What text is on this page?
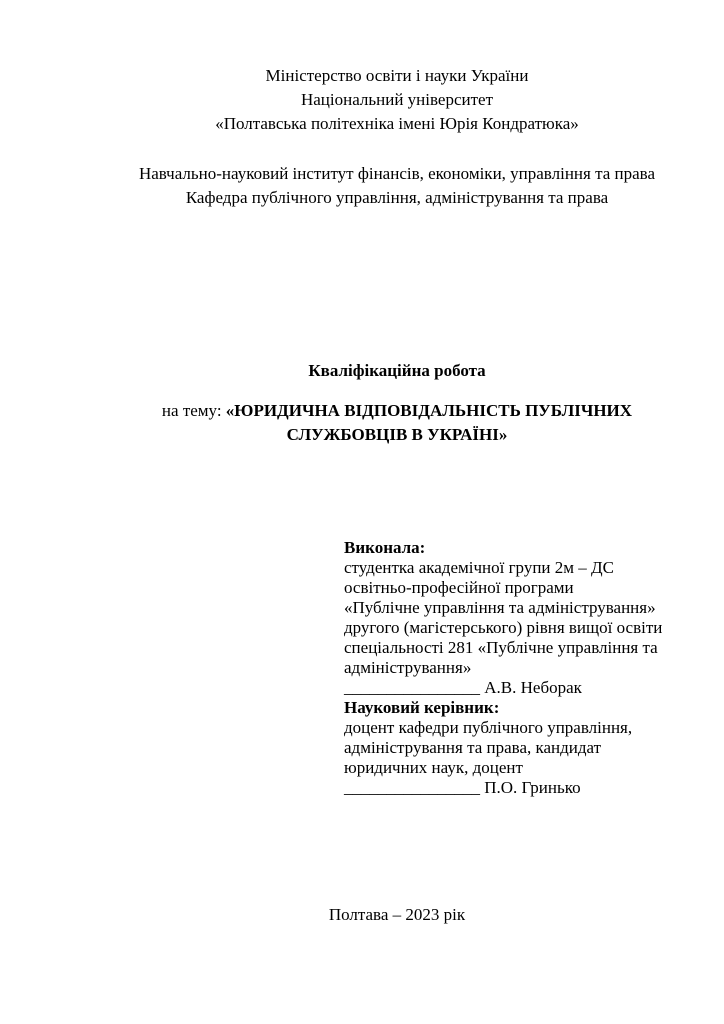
Міністерство освіти і науки України
Національний університет
«Полтавська політехніка імені Юрія Кондратюка»
Навчально-науковий інститут фінансів, економіки, управління та права
Кафедра публічного управління, адміністрування та права
Кваліфікаційна робота
на тему: «ЮРИДИЧНА ВІДПОВІДАЛЬНІСТЬ ПУБЛІЧНИХ
СЛУЖБОВЦІВ В УКРАЇНІ»
Виконала:
студентка академічної групи 2м – ДС
освітньо-професійної програми
«Публічне управління та адміністрування»
другого (магістерського) рівня вищої освіти
спеціальності 281 «Публічне управління та
адміністрування»
________________ А.В. Неборак
Науковий керівник:
доцент кафедри публічного управління,
адміністрування та права, кандидат
юридичних наук, доцент
________________ П.О. Гринько
Полтава – 2023 рік
